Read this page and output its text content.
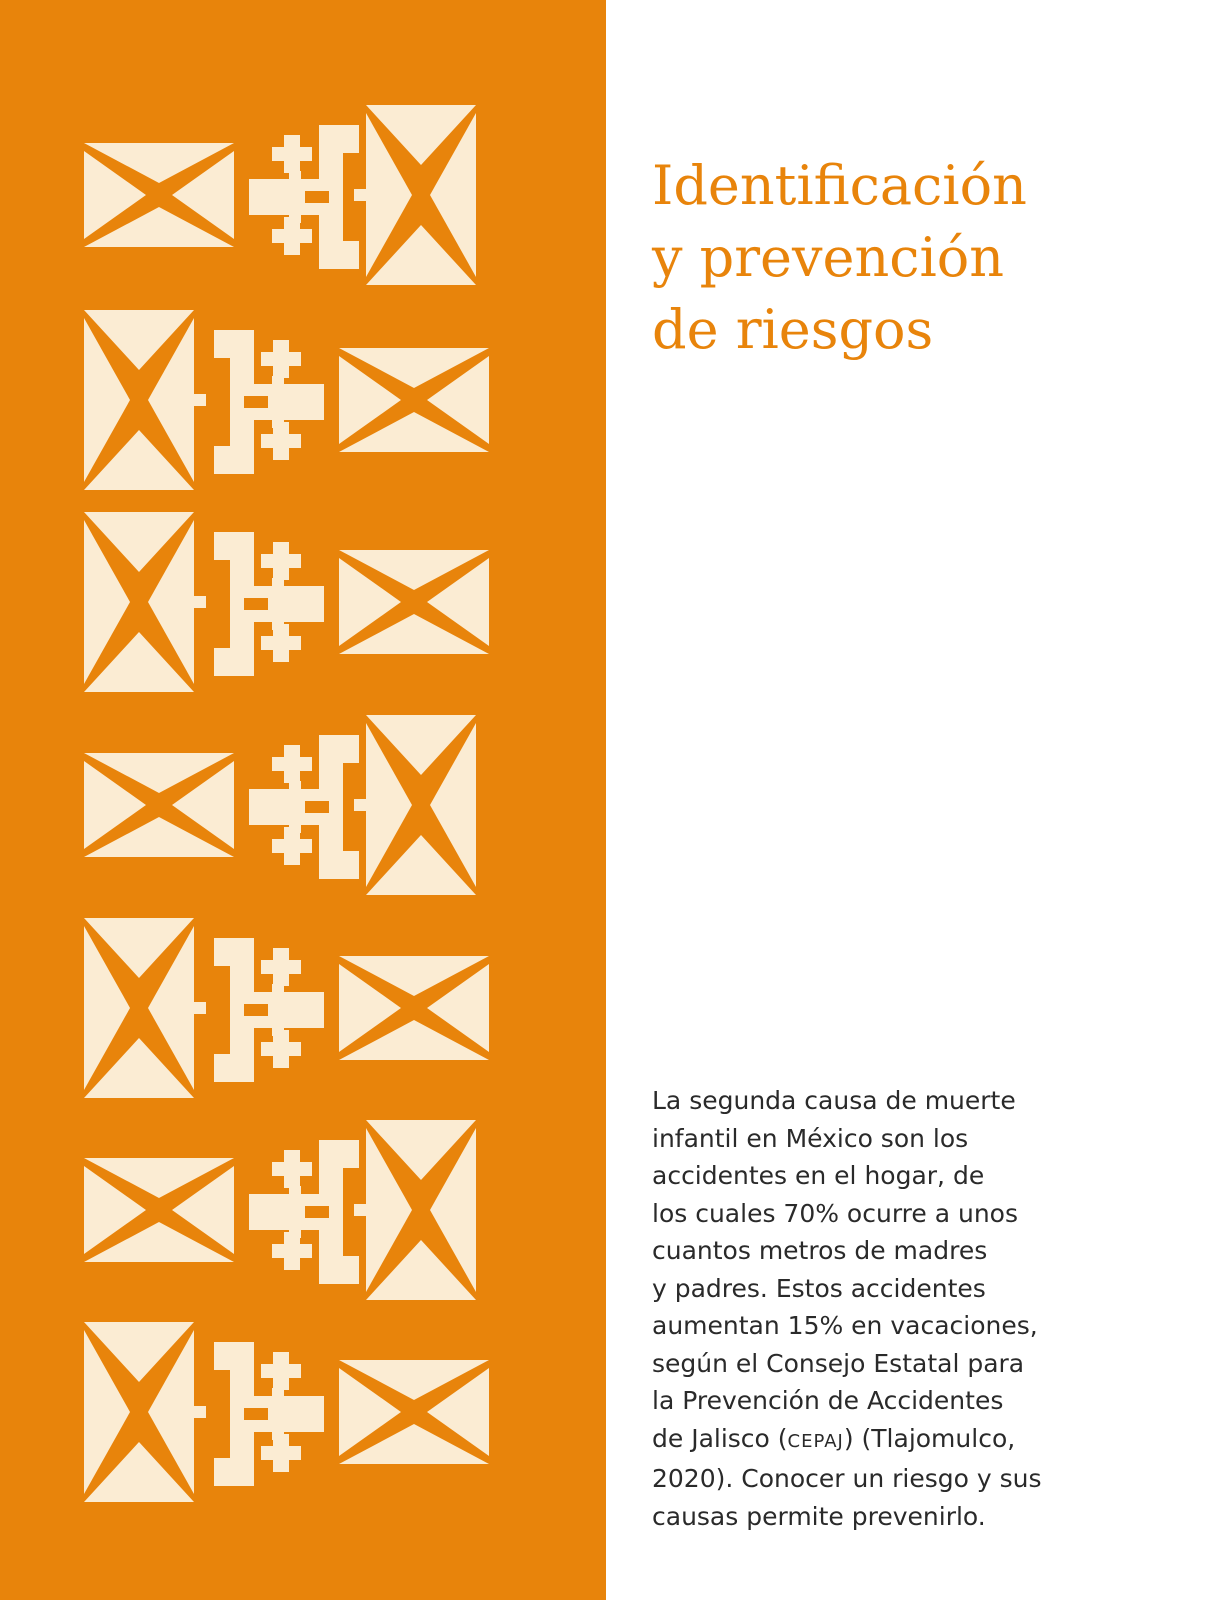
Identificación
y prevención
de riesgos
La segunda causa de muerte
infantil en México son los
accidentes en el hogar, de
los cuales 70% ocurre a unos
cuantos metros de madres
y padres. Estos accidentes
aumentan 15% en vacaciones,
según el Consejo Estatal para
la Prevención de Accidentes
de Jalisco (CEPAJ) (Tlajomulco,
2020). Conocer un riesgo y sus
causas permite prevenirlo.
